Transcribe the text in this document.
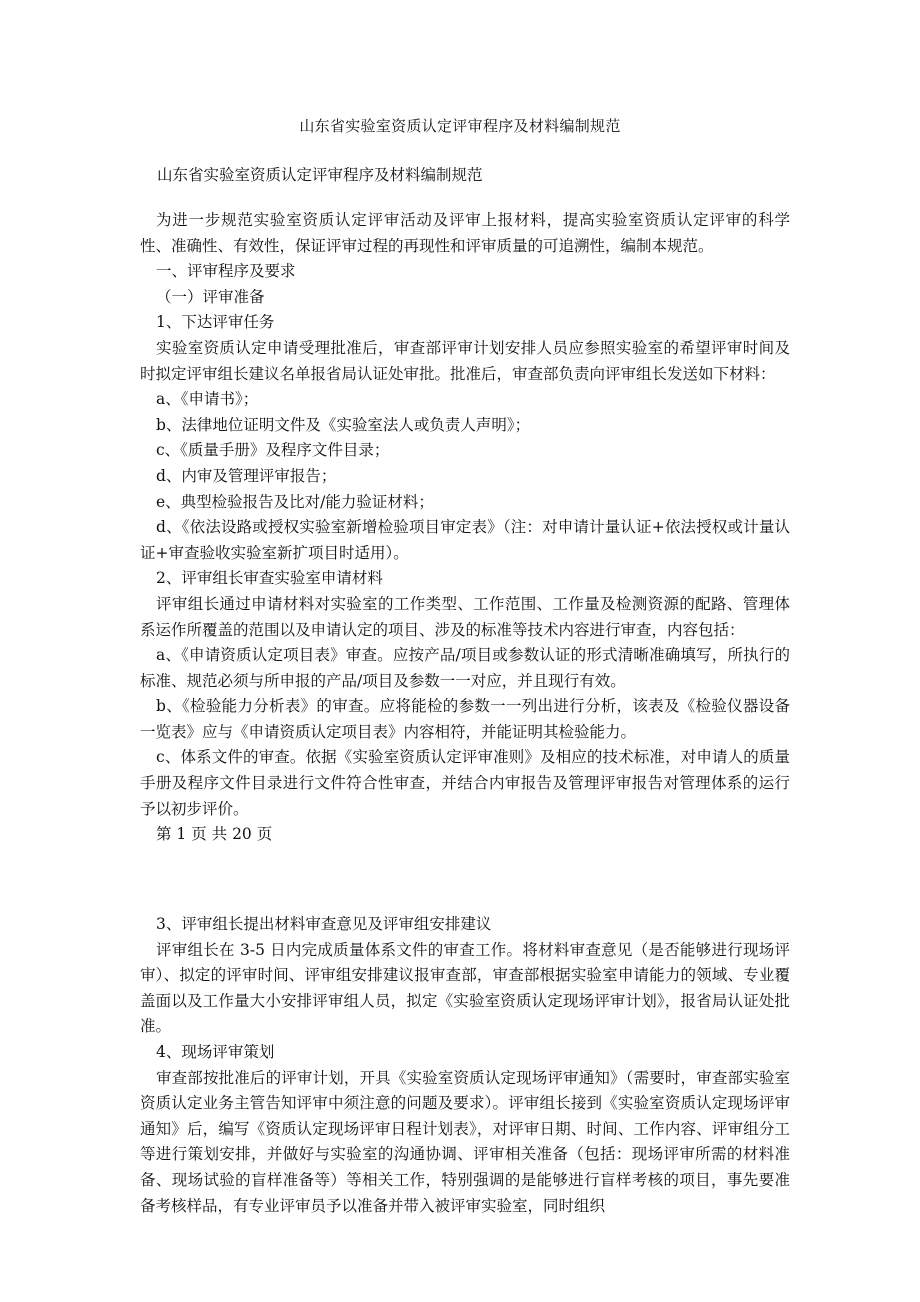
山东省实验室资质认定评审程序及材料编制规范
山东省实验室资质认定评审程序及材料编制规范

为进一步规范实验室资质认定评审活动及评审上报材料，提高实验室资质认定评审的科学性、准确性、有效性，保证评审过程的再现性和评审质量的可追溯性，编制本规范。

一、评审程序及要求

（一）评审准备

1、下达评审任务

实验室资质认定申请受理批准后，审查部评审计划安排人员应参照实验室的希望评审时间及时拟定评审组长建议名单报省局认证处审批。批准后，审查部负责向评审组长发送如下材料：

a、《申请书》；

b、法律地位证明文件及《实验室法人或负责人声明》；

c、《质量手册》及程序文件目录；

d、内审及管理评审报告；

e、典型检验报告及比对/能力验证材料；

d、《依法设路或授权实验室新增检验项目审定表》（注：对申请计量认证+依法授权或计量认证+审查验收实验室新扩项目时适用）。

2、评审组长审查实验室申请材料

评审组长通过申请材料对实验室的工作类型、工作范围、工作量及检测资源的配路、管理体系运作所覆盖的范围以及申请认定的项目、涉及的标准等技术内容进行审查，内容包括：

a、《申请资质认定项目表》审查。应按产品/项目或参数认证的形式清晰准确填写，所执行的标准、规范必须与所申报的产品/项目及参数一一对应，并且现行有效。

b、《检验能力分析表》的审查。应将能检的参数一一列出进行分析，该表及《检验仪器设备一览表》应与《申请资质认定项目表》内容相符，并能证明其检验能力。

c、体系文件的审查。依据《实验室资质认定评审准则》及相应的技术标准，对申请人的质量手册及程序文件目录进行文件符合性审查，并结合内审报告及管理评审报告对管理体系的运行予以初步评价。

第 1 页 共 20 页

3、评审组长提出材料审查意见及评审组安排建议

评审组长在 3-5 日内完成质量体系文件的审查工作。将材料审查意见（是否能够进行现场评审）、拟定的评审时间、评审组安排建议报审查部，审查部根据实验室申请能力的领域、专业覆盖面以及工作量大小安排评审组人员，拟定《实验室资质认定现场评审计划》，报省局认证处批准。

4、现场评审策划

审查部按批准后的评审计划，开具《实验室资质认定现场评审通知》（需要时，审查部实验室资质认定业务主管告知评审中须注意的问题及要求）。评审组长接到《实验室资质认定现场评审通知》后，编写《资质认定现场评审日程计划表》，对评审日期、时间、工作内容、评审组分工等进行策划安排，并做好与实验室的沟通协调、评审相关准备（包括：现场评审所需的材料准备、现场试验的盲样准备等）等相关工作，特别强调的是能够进行盲样考核的项目，事先要准备考核样品，有专业评审员予以准备并带入被评审实验室，同时组织
